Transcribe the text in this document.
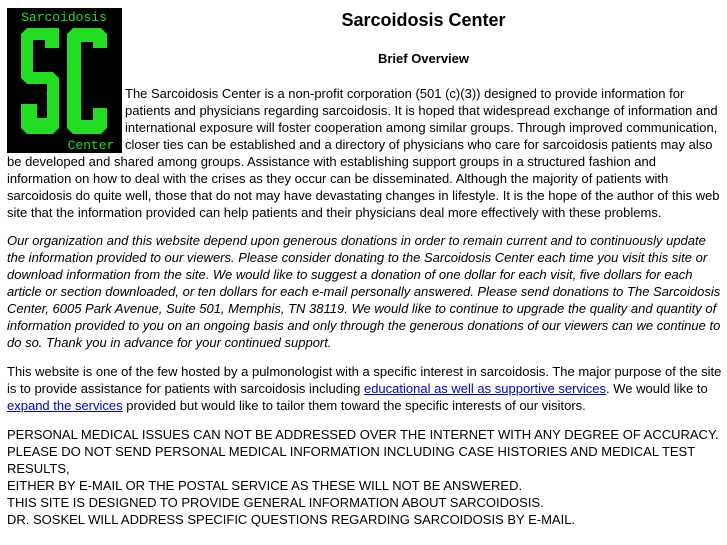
Sarcoidosis
Center
Sarcoidosis Center
Brief Overview

The Sarcoidosis Center is a non-profit corporation (501 (c)(3)) designed to provide information for patients and physicians regarding sarcoidosis. It is hoped that widespread exchange of information and international exposure will foster cooperation among similar groups. Through improved communication, closer ties can be established and a directory of physicians who care for sarcoidosis patients may also be developed and shared among groups. Assistance with establishing support groups in a structured fashion and information on how to deal with the crises as they occur can be disseminated. Although the majority of patients with sarcoidosis do quite well, those that do not may have devastating changes in lifestyle. It is the hope of the author of this web site that the information provided can help patients and their physicians deal more effectively with these problems.

Our organization and this website depend upon generous donations in order to remain current and to continuously update the information provided to our viewers. Please consider donating to the Sarcoidosis Center each time you visit this site or download information from the site. We would like to suggest a donation of one dollar for each visit, five dollars for each article or section downloaded, or ten dollars for each e-mail personally answered. Please send donations to The Sarcoidosis Center, 6005 Park Avenue, Suite 501, Memphis, TN 38119. We would like to continue to upgrade the quality and quantity of information provided to you on an ongoing basis and only through the generous donations of our viewers can we continue to do so. Thank you in advance for your continued support.

This website is one of the few hosted by a pulmonologist with a specific interest in sarcoidosis. The major purpose of the site is to provide assistance for patients with sarcoidosis including educational as well as supportive services. We would like to expand the services provided but would like to tailor them toward the specific interests of our visitors.

PERSONAL MEDICAL ISSUES CAN NOT BE ADDRESSED OVER THE INTERNET WITH ANY DEGREE OF ACCURACY.
PLEASE DO NOT SEND PERSONAL MEDICAL INFORMATION INCLUDING CASE HISTORIES AND MEDICAL TEST RESULTS,
EITHER BY E-MAIL OR THE POSTAL SERVICE AS THESE WILL NOT BE ANSWERED.
THIS SITE IS DESIGNED TO PROVIDE GENERAL INFORMATION ABOUT SARCOIDOSIS.
DR. SOSKEL WILL ADDRESS SPECIFIC QUESTIONS REGARDING SARCOIDOSIS BY E-MAIL.
